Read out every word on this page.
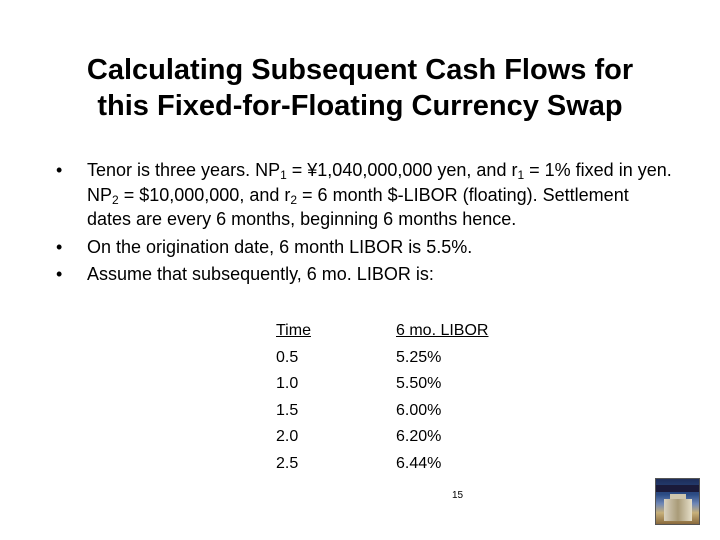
Calculating Subsequent Cash Flows for
this Fixed-for-Floating Currency Swap
• Tenor is three years. $NP_1$ = ¥1,040,000,000 yen, and $r_1 = 1\%$ fixed in yen. $NP_2$ = $10,000,000, and $r_2 = 6$ month $-LIBOR (floating). Settlement dates are every 6 months, beginning 6 months hence.
• On the origination date, 6 month LIBOR is 5.5%.
• Assume that subsequently, 6 mo. LIBOR is:
Time	6 mo. LIBOR
0.5	5.25%
1.0	5.50%
1.5	6.00%
2.0	6.20%
2.5	6.44%
15
